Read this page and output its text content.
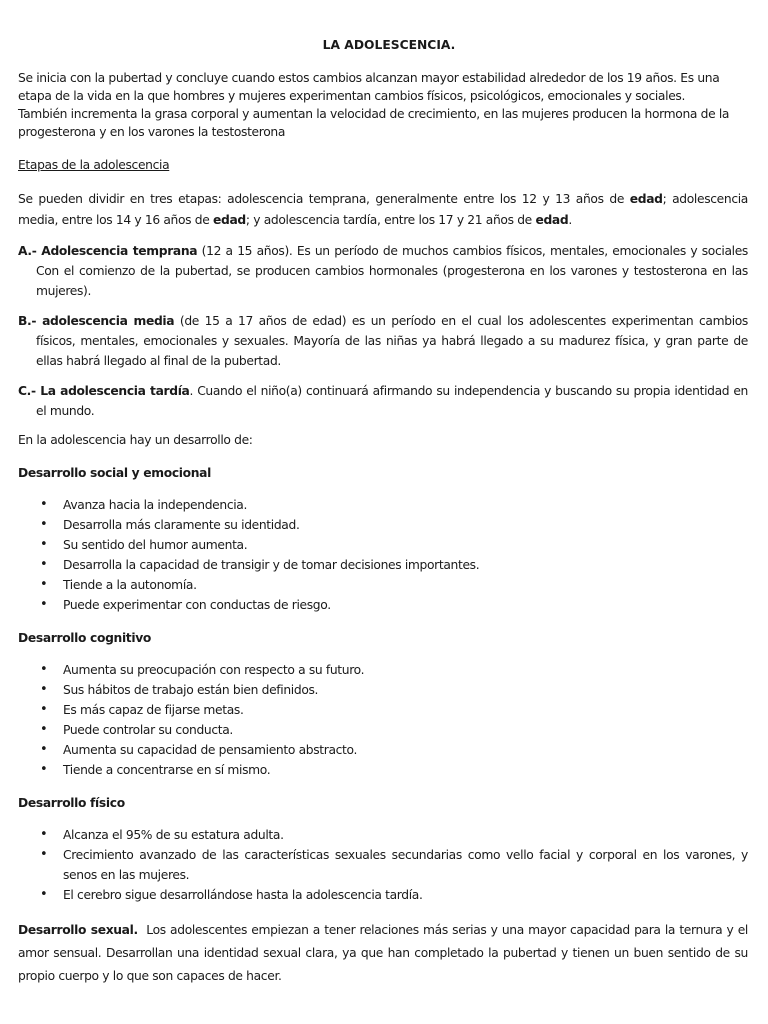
LA ADOLESCENCIA.

Se inicia con la pubertad y concluye cuando estos cambios alcanzan mayor estabilidad alrededor de los 19 años. Es una etapa de la vida en la que hombres y mujeres experimentan cambios físicos, psicológicos, emocionales y sociales.

También incrementa la grasa corporal y aumentan la velocidad de crecimiento, en las mujeres producen la hormona de la progesterona y en los varones la testosterona

Etapas de la adolescencia

Se pueden dividir en tres etapas: adolescencia temprana, generalmente entre los 12 y 13 años de edad; adolescencia media, entre los 14 y 16 años de edad; y adolescencia tardía, entre los 17 y 21 años de edad.

A.- Adolescencia temprana (12 a 15 años). Es un período de muchos cambios físicos, mentales, emocionales y sociales Con el comienzo de la pubertad, se producen cambios hormonales (progesterona en los varones y testosterona en las mujeres).

B.- adolescencia media (de 15 a 17 años de edad) es un período en el cual los adolescentes experimentan cambios físicos, mentales, emocionales y sexuales. Mayoría de las niñas ya habrá llegado a su madurez física, y gran parte de ellas habrá llegado al final de la pubertad.

C.- La adolescencia tardía. Cuando el niño(a) continuará afirmando su independencia y buscando su propia identidad en el mundo.

En la adolescencia hay un desarrollo de:

Desarrollo social y emocional

• Avanza hacia la independencia.
• Desarrolla más claramente su identidad.
• Su sentido del humor aumenta.
• Desarrolla la capacidad de transigir y de tomar decisiones importantes.
• Tiende a la autonomía.
• Puede experimentar con conductas de riesgo.

Desarrollo cognitivo

• Aumenta su preocupación con respecto a su futuro.
• Sus hábitos de trabajo están bien definidos.
• Es más capaz de fijarse metas.
• Puede controlar su conducta.
• Aumenta su capacidad de pensamiento abstracto.
• Tiende a concentrarse en sí mismo.

Desarrollo físico

• Alcanza el 95% de su estatura adulta.
• Crecimiento avanzado de las características sexuales secundarias como vello facial y corporal en los varones, y senos en las mujeres.
• El cerebro sigue desarrollándose hasta la adolescencia tardía.

Desarrollo sexual.  Los adolescentes empiezan a tener relaciones más serias y una mayor capacidad para la ternura y el amor sensual. Desarrollan una identidad sexual clara, ya que han completado la pubertad y tienen un buen sentido de su propio cuerpo y lo que son capaces de hacer.
